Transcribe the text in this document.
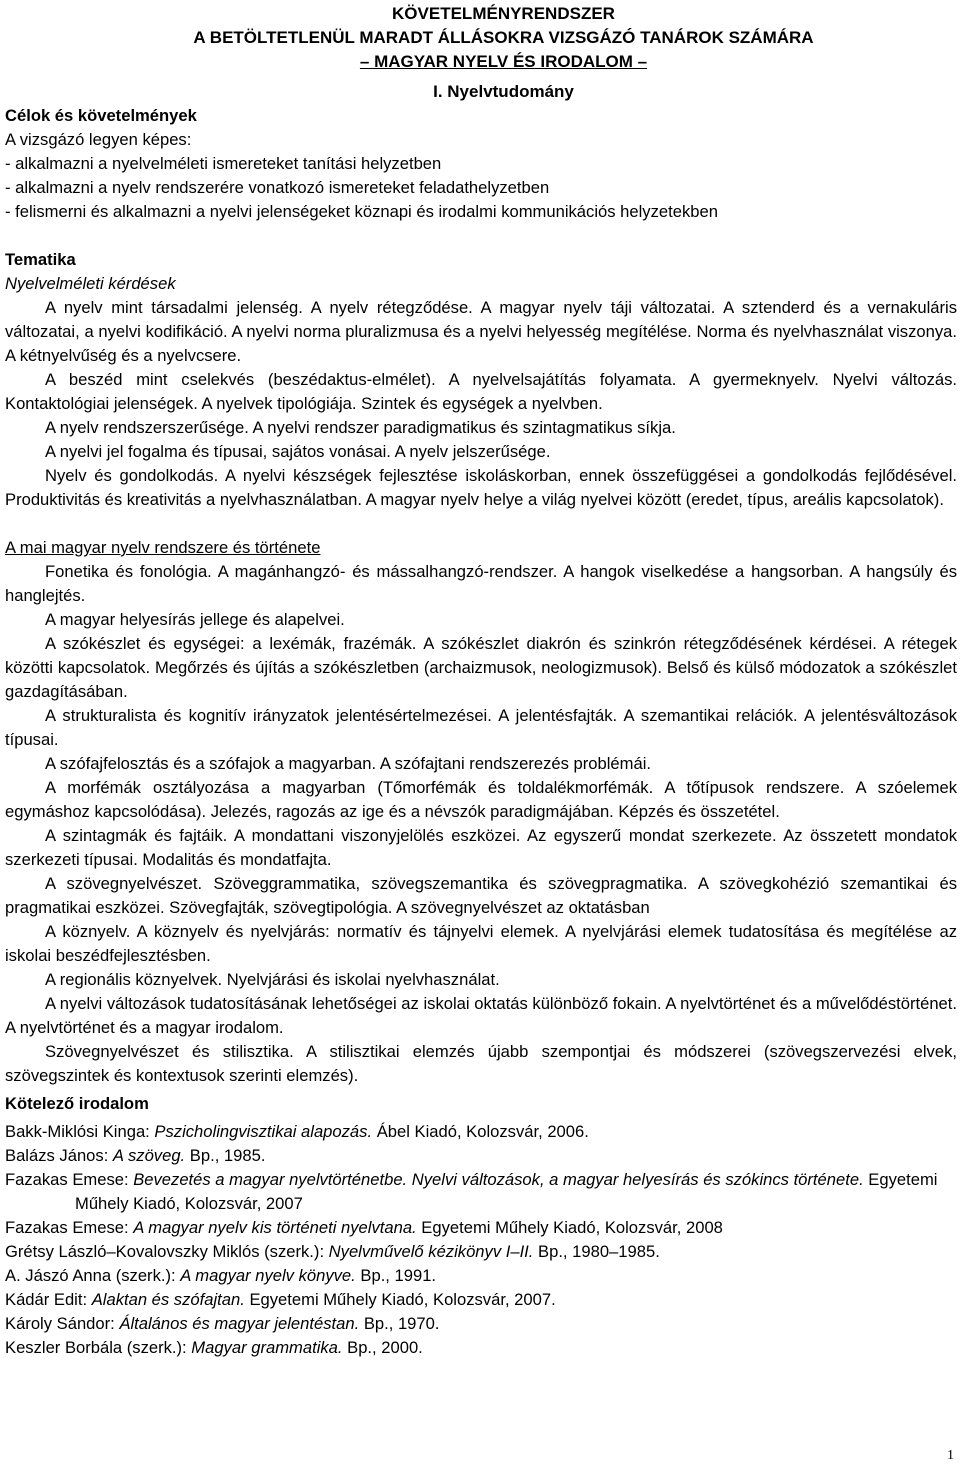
KÖVETELMÉNYRENDSZER
A BETÖLTETLENÜL MARADT ÁLLÁSOKRA VIZSGÁZÓ TANÁROK SZÁMÁRA
– MAGYAR NYELV ÉS IRODALOM –
I. Nyelvtudomány
Célok és követelmények
A vizsgázó legyen képes:
- alkalmazni a nyelvelméleti ismereteket tanítási helyzetben
- alkalmazni a nyelv rendszerére vonatkozó ismereteket feladathelyzetben
- felismerni és alkalmazni a nyelvi jelenségeket köznapi és irodalmi kommunikációs helyzetekben
Tematika
Nyelvelméleti kérdések
A nyelv mint társadalmi jelenség. A nyelv rétegződése. A magyar nyelv táji változatai. A sztenderd és a vernakuláris változatai, a nyelvi kodifikáció. A nyelvi norma pluralizmusa és a nyelvi helyesség megítélése. Norma és nyelvhasználat viszonya. A kétnyelvűség és a nyelvcsere.
A beszéd mint cselekvés (beszédaktus-elmélet). A nyelvelsajátítás folyamata. A gyermeknyelv. Nyelvi változás. Kontaktológiai jelenségek. A nyelvek tipológiája. Szintek és egységek a nyelvben.
A nyelv rendszerszerűsége. A nyelvi rendszer paradigmatikus és szintagmatikus síkja.
A nyelvi jel fogalma és típusai, sajátos vonásai. A nyelv jelszerűsége.
Nyelv és gondolkodás. A nyelvi készségek fejlesztése iskoláskorban, ennek összefüggései a gondolkodás fejlődésével. Produktivitás és kreativitás a nyelvhasználatban. A magyar nyelv helye a világ nyelvei között (eredet, típus, areális kapcsolatok).
A mai magyar nyelv rendszere és története
Fonetika és fonológia. A magánhangzó- és mássalhangzó-rendszer. A hangok viselkedése a hangsorban. A hangsúly és hanglejtés.
A magyar helyesírás jellege és alapelvei.
A szókészlet és egységei: a lexémák, frazémák. A szókészlet diakrón és szinkrón rétegződésének kérdései. A rétegek közötti kapcsolatok. Megőrzés és újítás a szókészletben (archaizmusok, neologizmusok). Belső és külső módozatok a szókészlet gazdagításában.
A strukturalista és kognitív irányzatok jelentésértelmezései. A jelentésfajták. A szemantikai relációk. A jelentésváltozások típusai.
A szófajfelosztás és a szófajok a magyarban. A szófajtani rendszerezés problémái.
A morfémák osztályozása a magyarban (Tőmorfémák és toldalékmorfémák. A tőtípusok rendszere. A szóelemek egymáshoz kapcsolódása). Jelezés, ragozás az ige és a névszók paradigmájában. Képzés és összetétel.
A szintagmák és fajtáik. A mondattani viszonyjelölés eszközei. Az egyszerű mondat szerkezete. Az összetett mondatok szerkezeti típusai. Modalitás és mondatfajta.
A szövegnyelvészet. Szöveggrammatika, szövegszemantika és szövegpragmatika. A szövegkohézió szemantikai és pragmatikai eszközei. Szövegfajták, szövegtipológia. A szövegnyelvészet az oktatásban
A köznyelv. A köznyelv és nyelvjárás: normatív és tájnyelvi elemek. A nyelvjárási elemek tudatosítása és megítélése az iskolai beszédfejlesztésben.
A regionális köznyelvek. Nyelvjárási és iskolai nyelvhasználat.
A nyelvi változások tudatosításának lehetőségei az iskolai oktatás különböző fokain. A nyelvtörténet és a művelődéstörténet. A nyelvtörténet és a magyar irodalom.
Szövegnyelvészet és stilisztika. A stilisztikai elemzés újabb szempontjai és módszerei (szövegszervezési elvek, szövegszintek és kontextusok szerinti elemzés).
Kötelező irodalom
Bakk-Miklósi Kinga: Pszicholingvisztikai alapozás. Ábel Kiadó, Kolozsvár, 2006.
Balázs János: A szöveg. Bp., 1985.
Fazakas Emese: Bevezetés a magyar nyelvtörténetbe. Nyelvi változások, a magyar helyesírás és szókincs története. Egyetemi Műhely Kiadó, Kolozsvár, 2007
Fazakas Emese: A magyar nyelv kis történeti nyelvtana. Egyetemi Műhely Kiadó, Kolozsvár, 2008
Grétsy László–Kovalovszky Miklós (szerk.): Nyelvművelő kézikönyv I–II. Bp., 1980–1985.
A. Jászó Anna (szerk.): A magyar nyelv könyve. Bp., 1991.
Kádár Edit: Alaktan és szófajtan. Egyetemi Műhely Kiadó, Kolozsvár, 2007.
Károly Sándor: Általános és magyar jelentéstan. Bp., 1970.
Keszler Borbála (szerk.): Magyar grammatika. Bp., 2000.
1
